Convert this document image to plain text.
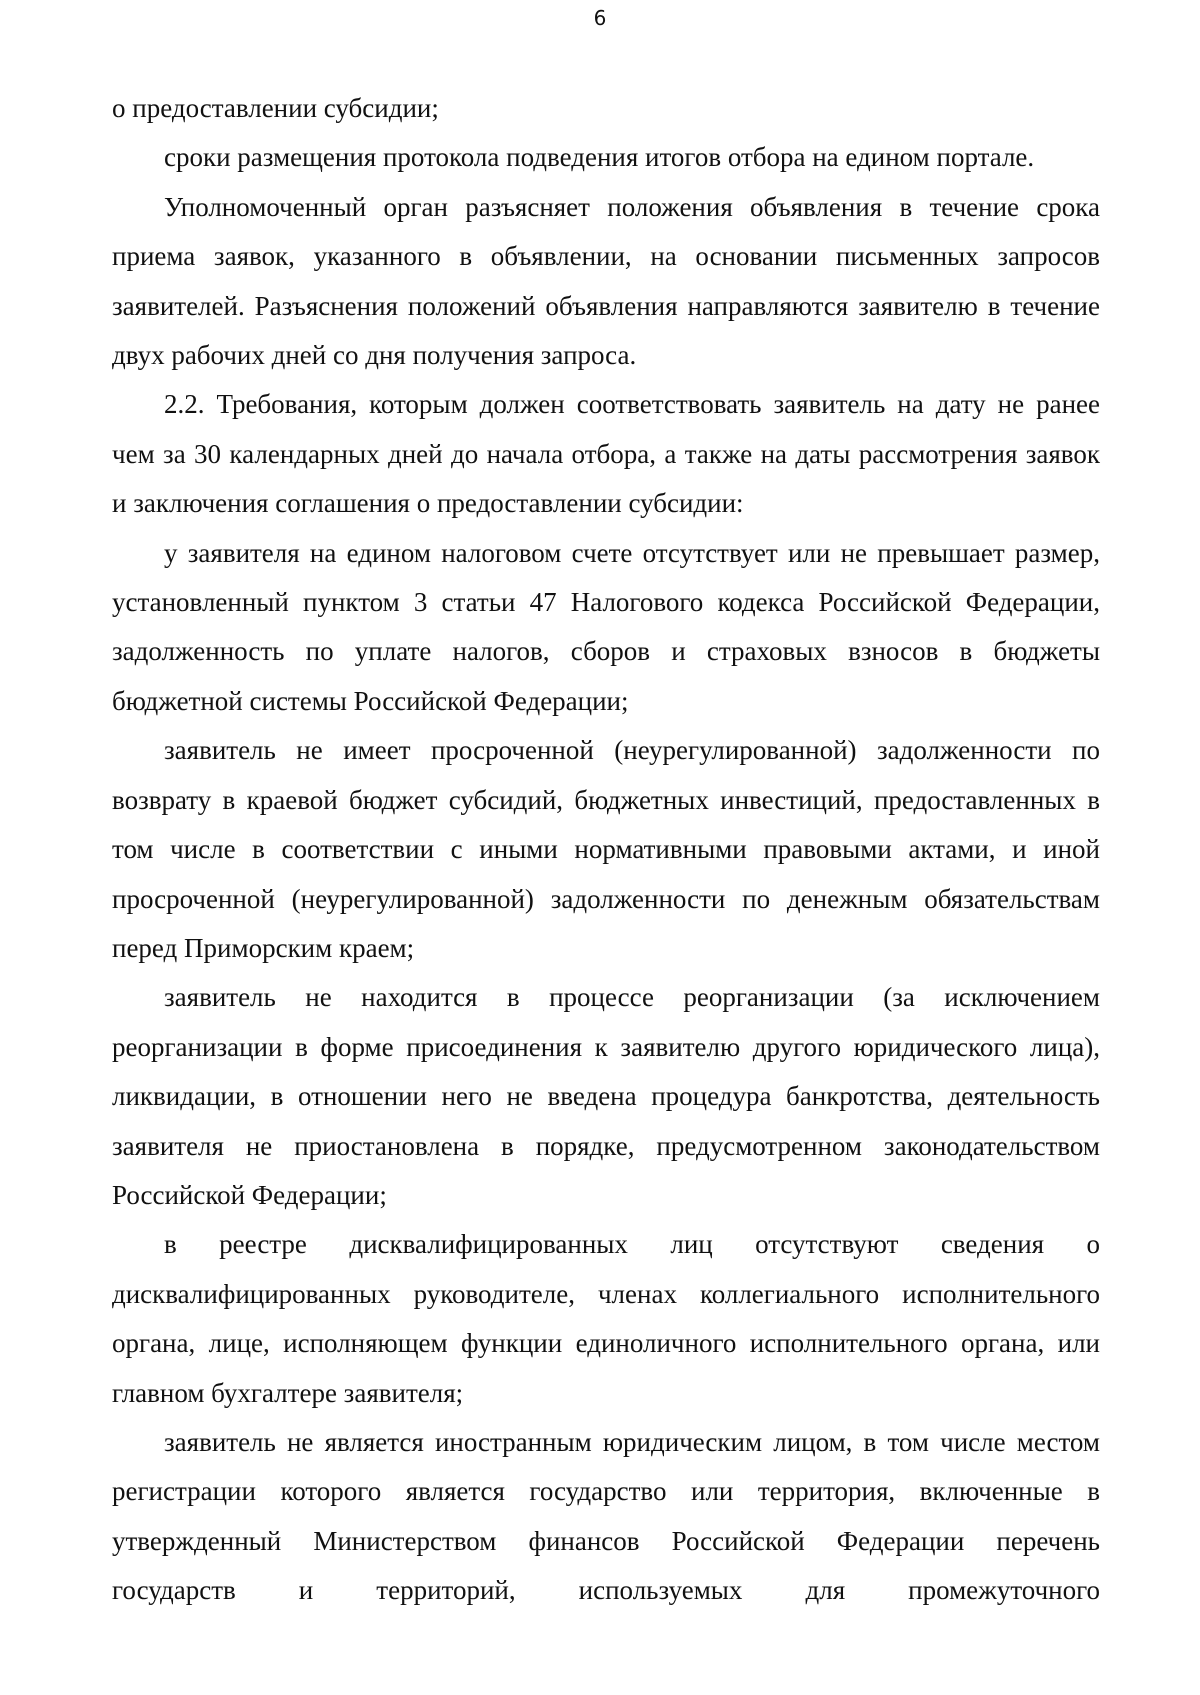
6

о предоставлении субсидии;

сроки размещения протокола подведения итогов отбора на едином портале.

Уполномоченный орган разъясняет положения объявления в течение срока приема заявок, указанного в объявлении, на основании письменных запросов заявителей. Разъяснения положений объявления направляются заявителю в течение двух рабочих дней со дня получения запроса.

2.2. Требования, которым должен соответствовать заявитель на дату не ранее чем за 30 календарных дней до начала отбора, а также на даты рассмотрения заявок и заключения соглашения о предоставлении субсидии:

у заявителя на едином налоговом счете отсутствует или не превышает размер, установленный пунктом 3 статьи 47 Налогового кодекса Российской Федерации, задолженность по уплате налогов, сборов и страховых взносов в бюджеты бюджетной системы Российской Федерации;

заявитель не имеет просроченной (неурегулированной) задолженности по возврату в краевой бюджет субсидий, бюджетных инвестиций, предоставленных в том числе в соответствии с иными нормативными правовыми актами, и иной просроченной (неурегулированной) задолженности по денежным обязательствам перед Приморским краем;

заявитель не находится в процессе реорганизации (за исключением реорганизации в форме присоединения к заявителю другого юридического лица), ликвидации, в отношении него не введена процедура банкротства, деятельность заявителя не приостановлена в порядке, предусмотренном законодательством Российской Федерации;

в реестре дисквалифицированных лиц отсутствуют сведения о дисквалифицированных руководителе, членах коллегиального исполнительного органа, лице, исполняющем функции единоличного исполнительного органа, или главном бухгалтере заявителя;

заявитель не является иностранным юридическим лицом, в том числе местом регистрации которого является государство или территория, включенные в утвержденный Министерством финансов Российской Федерации перечень государств и территорий, используемых для промежуточного
